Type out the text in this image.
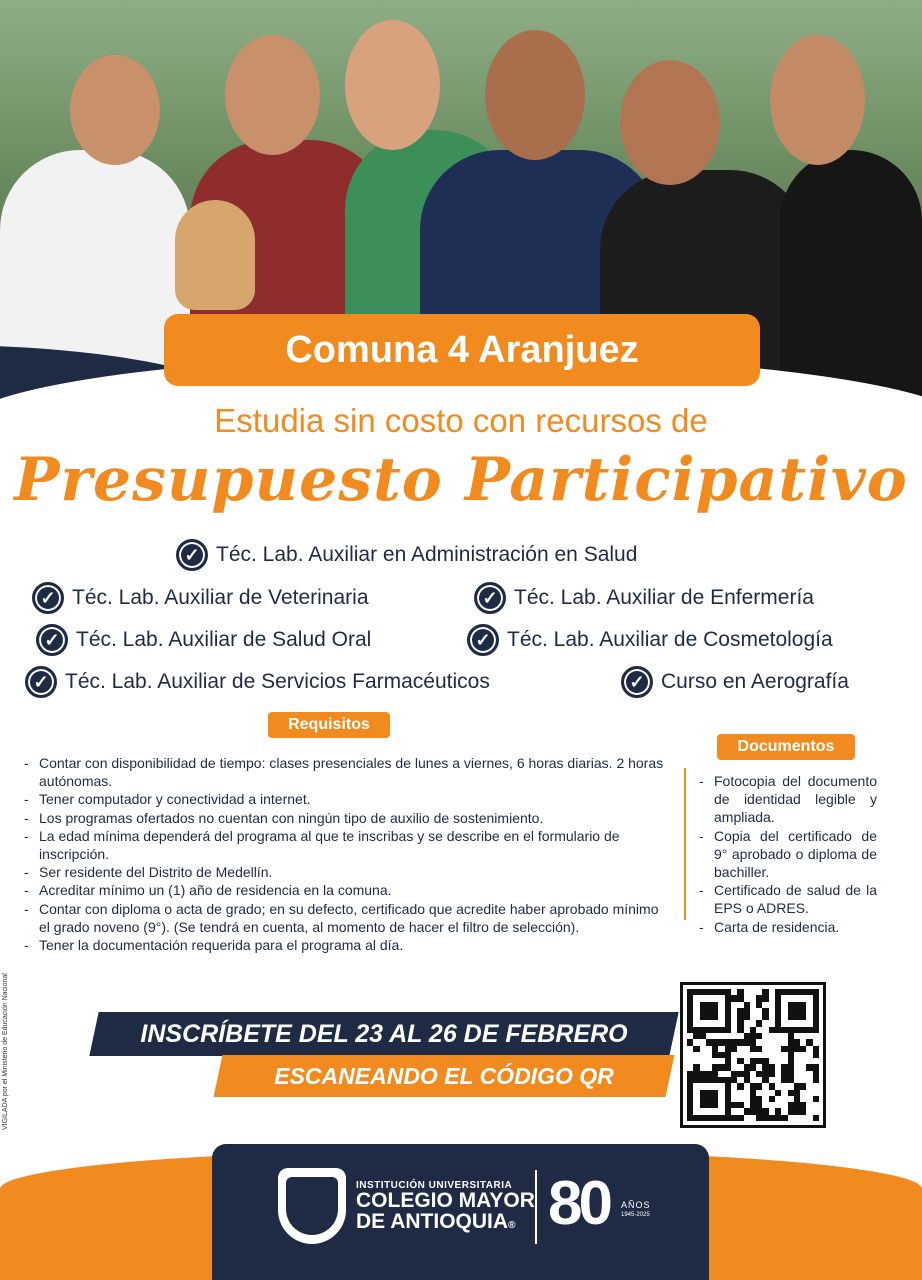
Comuna 4 Aranjuez
Estudia sin costo con recursos de
Presupuesto Participativo
✓ Téc. Lab. Auxiliar en Administración en Salud
✓ Téc. Lab. Auxiliar de Veterinaria	✓ Téc. Lab. Auxiliar de Enfermería
✓ Téc. Lab. Auxiliar de Salud Oral	✓ Téc. Lab. Auxiliar de Cosmetología
✓ Téc. Lab. Auxiliar de Servicios Farmacéuticos	✓ Curso en Aerografía
Requisitos
- Contar con disponibilidad de tiempo: clases presenciales de lunes a viernes, 6 horas diarias. 2 horas autónomas.
- Tener computador y conectividad a internet.
- Los programas ofertados no cuentan con ningún tipo de auxilio de sostenimiento.
- La edad mínima dependerá del programa al que te inscribas y se describe en el formulario de inscripción.
- Ser residente del Distrito de Medellín.
- Acreditar mínimo un (1) año de residencia en la comuna.
- Contar con diploma o acta de grado; en su defecto, certificado que acredite haber aprobado mínimo el grado noveno (9°). (Se tendrá en cuenta, al momento de hacer el filtro de selección).
- Tener la documentación requerida para el programa al día.
Documentos
- Fotocopia del documento de identidad legible y ampliada.
- Copia del certificado de 9° aprobado o diploma de bachiller.
- Certificado de salud de la EPS o ADRES.
- Carta de residencia.
VIGILADA por el Ministerio de Educación Nacional	INSCRÍBETE DEL 23 AL 26 DE FEBRERO
ESCANEANDO EL CÓDIGO QR
INSTITUCIÓN UNIVERSITARIA
COLEGIO MAYOR
DE ANTIOQUIA® 80 AÑOS
1945-2025
